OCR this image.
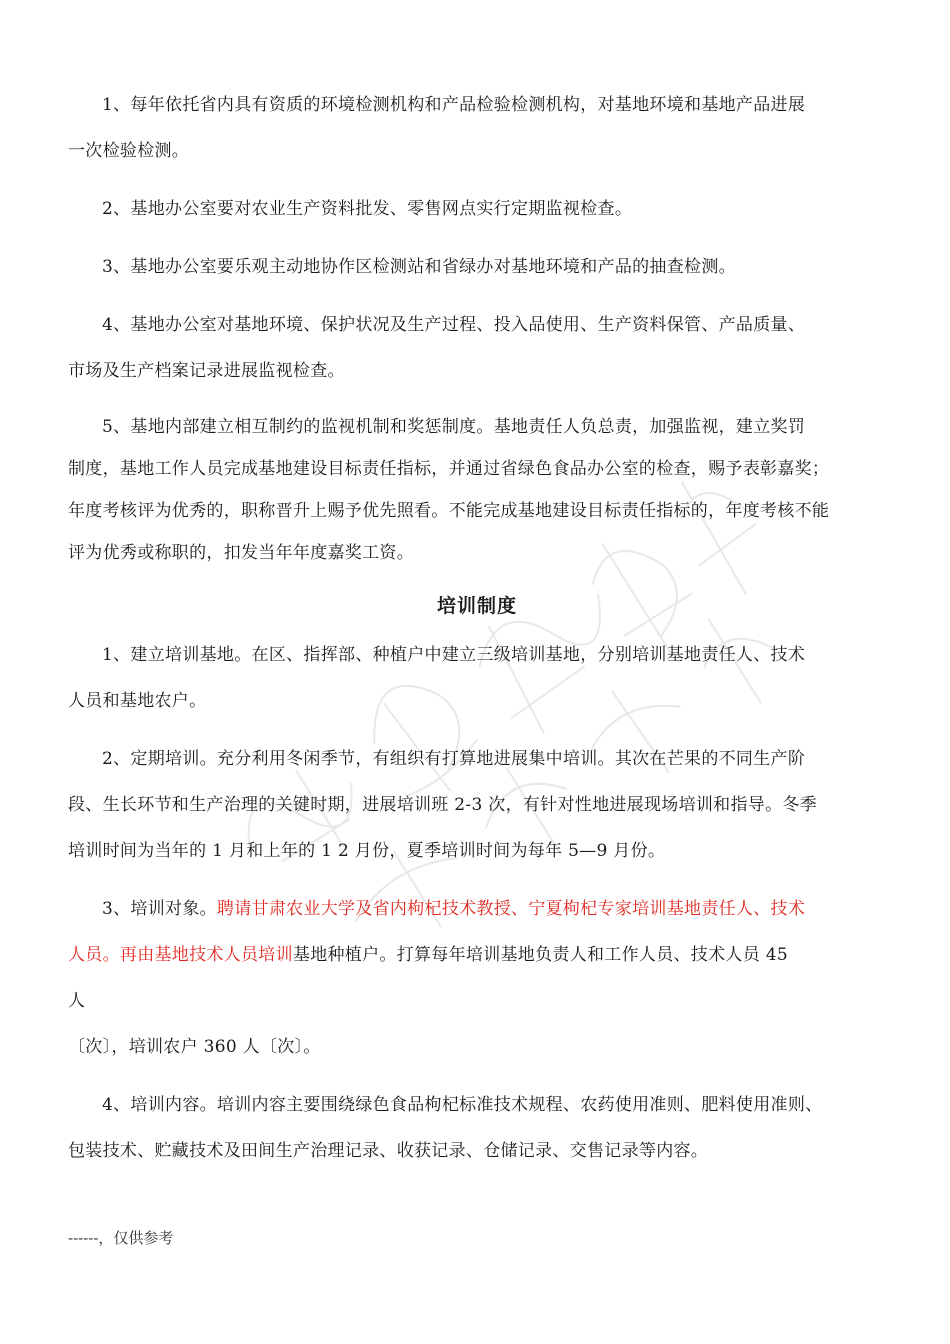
1、每年依托省内具有资质的环境检测机构和产品检验检测机构，对基地环境和基地产品进展
一次检验检测。

2、基地办公室要对农业生产资料批发、零售网点实行定期监视检查。

3、基地办公室要乐观主动地协作区检测站和省绿办对基地环境和产品的抽查检测。

4、基地办公室对基地环境、保护状况及生产过程、投入品使用、生产资料保管、产品质量、
市场及生产档案记录进展监视检查。

5、基地内部建立相互制约的监视机制和奖惩制度。基地责任人负总责，加强监视，建立奖罚
制度，基地工作人员完成基地建设目标责任指标，并通过省绿色食品办公室的检查，赐予表彰嘉奖；
年度考核评为优秀的，职称晋升上赐予优先照看。不能完成基地建设目标责任指标的，年度考核不能
评为优秀或称职的，扣发当年年度嘉奖工资。

培训制度

1、建立培训基地。在区、指挥部、种植户中建立三级培训基地，分别培训基地责任人、技术
人员和基地农户。

2、定期培训。充分利用冬闲季节，有组织有打算地进展集中培训。其次在芒果的不同生产阶
段、生长环节和生产治理的关键时期，进展培训班 2-3 次，有针对性地进展现场培训和指导。冬季
培训时间为当年的 1 月和上年的 1 2 月份，夏季培训时间为每年 5—9 月份。

3、培训对象。聘请甘肃农业大学及省内枸杞技术教授、宁夏枸杞专家培训基地责任人、技术
人员。再由基地技术人员培训基地种植户。打算每年培训基地负责人和工作人员、技术人员 45
人
〔次〕，培训农户 360 人〔次〕。

4、培训内容。培训内容主要围绕绿色食品枸杞标准技术规程、农药使用准则、肥料使用准则、
包装技术、贮藏技术及田间生产治理记录、收获记录、仓储记录、交售记录等内容。

------，仅供参考
